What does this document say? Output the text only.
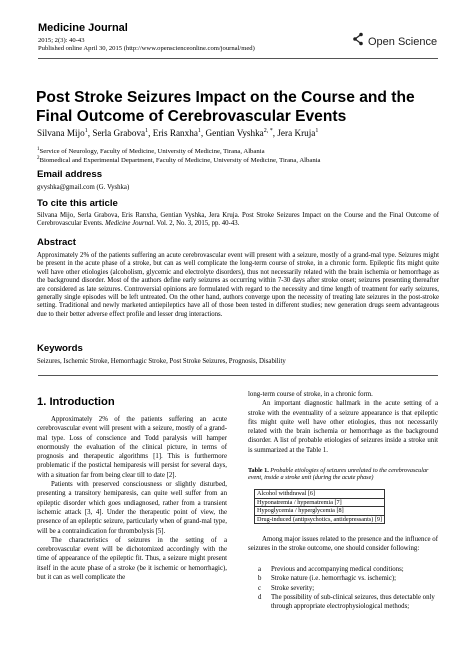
Medicine Journal
2015; 2(3): 40-43
Published online April 30, 2015 (http://www.openscienceonline.com/journal/med)
Open Science
Post Stroke Seizures Impact on the Course and the Final Outcome of Cerebrovascular Events
Silvana Mijo$^1$, Serla Grabova$^1$, Eris Ranxha$^1$, Gentian Vyshka$^{2, *}$, Jera Kruja$^1$
$^1$Service of Neurology, Faculty of Medicine, University of Medicine, Tirana, Albania
$^2$Biomedical and Experimental Department, Faculty of Medicine, University of Medicine, Tirana, Albania
Email address
gvyshka@gmail.com (G. Vyshka)
To cite this article
Silvana Mijo, Serla Grabova, Eris Ranxha, Gentian Vyshka, Jera Kruja. Post Stroke Seizures Impact on the Course and the Final Outcome of Cerebrovascular Events. Medicine Journal. Vol. 2, No. 3, 2015, pp. 40-43.
Abstract
Approximately 2% of the patients suffering an acute cerebrovascular event will present with a seizure, mostly of a grand-mal type. Seizures might be present in the acute phase of a stroke, but can as well complicate the long-term course of stroke, in a chronic form. Epileptic fits might quite well have other etiologies (alcoholism, glycemic and electrolyte disorders), thus not necessarily related with the brain ischemia or hemorrhage as the background disorder. Most of the authors define early seizures as occurring within 7-30 days after stroke onset; seizures presenting thereafter are considered as late seizures. Controversial opinions are formulated with regard to the necessity and time length of treatment for early seizures, generally single episodes will be left untreated. On the other hand, authors converge upon the necessity of treating late seizures in the post-stroke setting. Traditional and newly marketed antiepileptics have all of those been tested in different studies; new generation drugs seem advantageous due to their better adverse effect profile and lesser drug interactions.
Keywords
Seizures, Ischemic Stroke, Hemorrhagic Stroke, Post Stroke Seizures, Prognosis, Disability
1. Introduction

Approximately 2% of the patients suffering an acute cerebrovascular event will present with a seizure, mostly of a grand-mal type. Loss of conscience and Todd paralysis will hamper enormously the evaluation of the clinical picture, in terms of prognosis and therapeutic algorithms [1]. This is furthermore problematic if the postictal hemiparesis will persist for several days, with a situation far from being clear till to date [2].

Patients with preserved consciousness or slightly disturbed, presenting a transitory hemiparesis, can quite well suffer from an epileptic disorder which goes undiagnosed, rather from a transient ischemic attack [3, 4]. Under the therapeutic point of view, the presence of an epileptic seizure, particularly when of grand-mal type, will be a contraindication for thrombolysis [5].

The characteristics of seizures in the setting of a cerebrovascular event will be dichotomized accordingly with the time of appearance of the epileptic fit. Thus, a seizure might present itself in the acute phase of a stroke (be it ischemic or hemorrhagic), but it can as well complicate the

long-term course of stroke, in a chronic form.

An important diagnostic hallmark in the acute setting of a stroke with the eventuality of a seizure appearance is that epileptic fits might quite well have other etiologies, thus not necessarily related with the brain ischemia or hemorrhage as the background disorder. A list of probable etiologies of seizures inside a stroke unit is summarized at the Table 1.

Table 1. Probable etiologies of seizures unrelated to the cerebrovascular event, inside a stroke unit (during the acute phase)
Alcohol withdrawal [6]
Hyponatremia / hypernatremia [7]
Hypoglycemia / hyperglycemia [8]
Drug-induced (antipsychotics, antidepressants) [9]

Among major issues related to the presence and the influence of seizures in the stroke outcome, one should consider following:

a	Previous and accompanying medical conditions;
b	Stroke nature (i.e. hemorrhagic vs. ischemic);
c	Stroke severity;
d	The possibility of sub-clinical seizures, thus detectable only through appropriate electrophysiological methods;
